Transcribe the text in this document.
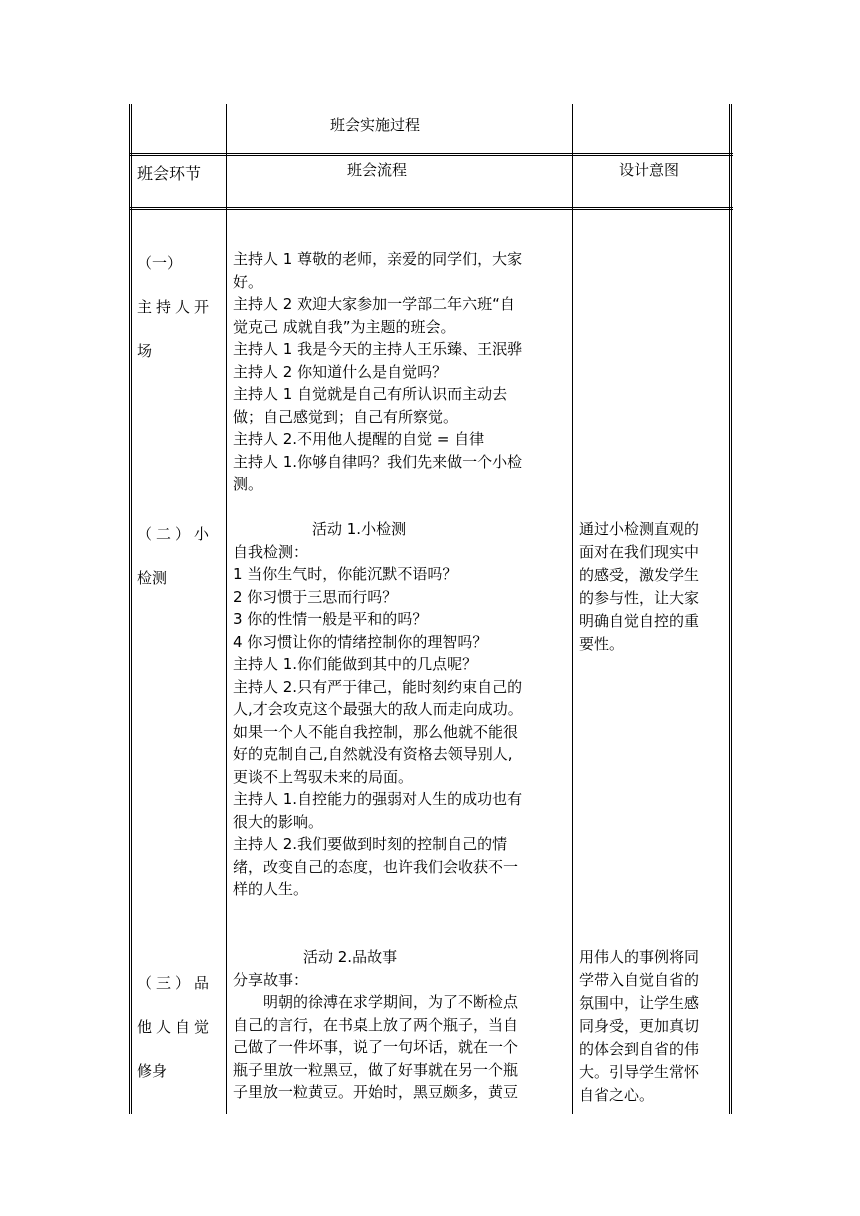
班会实施过程
班会环节	班会流程	设计意图
（一）
主持人开
场
（二）小
检测
（三）品
他人自觉
修身
主持人 1 尊敬的老师，亲爱的同学们，大家
好。
主持人 2 欢迎大家参加一学部二年六班“自
觉克己 成就自我”为主题的班会。
主持人 1 我是今天的主持人王乐臻、王泯骅
主持人 2 你知道什么是自觉吗？
主持人 1 自觉就是自己有所认识而主动去
做；自己感觉到；自己有所察觉。
主持人 2.不用他人提醒的自觉 = 自律
主持人 1.你够自律吗？我们先来做一个小检
测。
活动 1.小检测
自我检测：
1 当你生气时，你能沉默不语吗？
2 你习惯于三思而行吗？
3 你的性情一般是平和的吗？
4 你习惯让你的情绪控制你的理智吗？
主持人 1.你们能做到其中的几点呢？
主持人 2.只有严于律己，能时刻约束自己的
人,才会攻克这个最强大的敌人而走向成功。
如果一个人不能自我控制，那么他就不能很
好的克制自己,自然就没有资格去领导别人,
更谈不上驾驭未来的局面。
主持人 1.自控能力的强弱对人生的成功也有
很大的影响。
主持人 2.我们要做到时刻的控制自己的情
绪，改变自己的态度，也许我们会收获不一
样的人生。
活动 2.品故事
分享故事：
明朝的徐溥在求学期间，为了不断检点
自己的言行，在书桌上放了两个瓶子，当自
己做了一件坏事，说了一句坏话，就在一个
瓶子里放一粒黑豆，做了好事就在另一个瓶
子里放一粒黄豆。开始时，黑豆颇多，黄豆
通过小检测直观的
面对在我们现实中
的感受，激发学生
的参与性，让大家
明确自觉自控的重
要性。
用伟人的事例将同
学带入自觉自省的
氛围中，让学生感
同身受，更加真切
的体会到自省的伟
大。引导学生常怀
自省之心。
